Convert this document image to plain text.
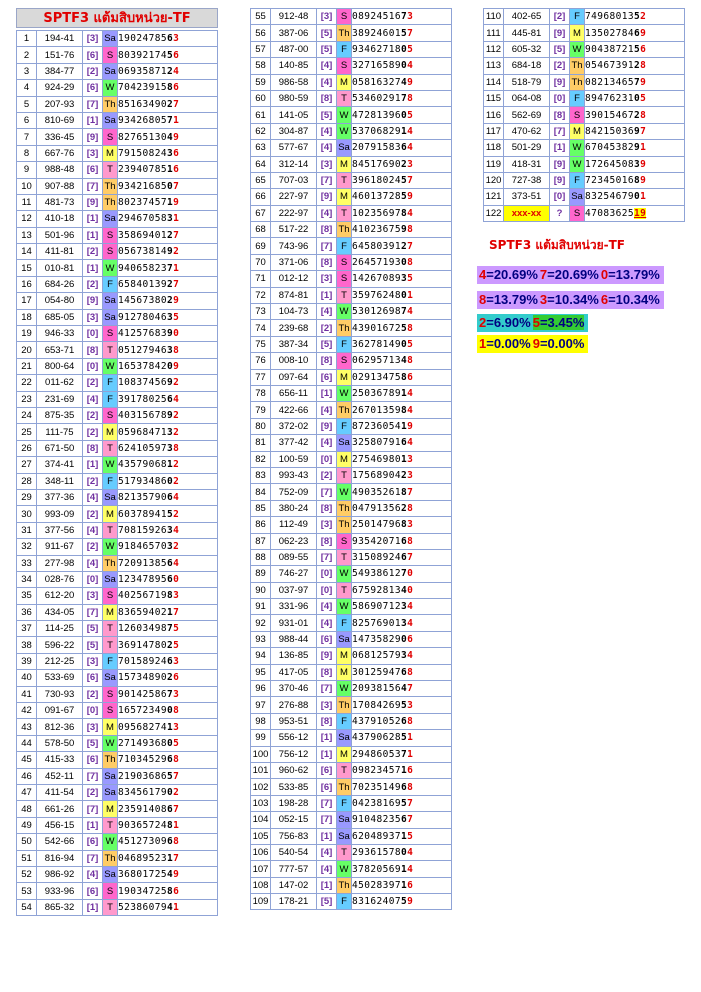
SPTF3 แต้มสิบหน่วย-TF
1	194-41	[3]	Sa	1902478563
2	151-76	[6]	S	8039217456
3	384-77	[2]	Sa	0693587124
4	924-29	[6]	W	7042391586
5	207-93	[7]	Th	8516349027
6	810-69	[1]	Sa	9342680571
7	336-45	[9]	S	8276513049
8	667-76	[3]	M	7915082436
9	988-48	[6]	T	2394078516
10	907-88	[7]	Th	9342168507
11	481-73	[9]	Th	8023745719
12	410-18	[1]	Sa	2946705831
13	501-96	[1]	S	3586940127
14	411-81	[2]	S	0567381492
15	010-81	[1]	W	9406582371
16	684-26	[2]	F	6584013927
17	054-80	[9]	Sa	1456738029
18	685-05	[3]	Sa	9127804635
19	946-33	[0]	S	4125768390
20	653-71	[8]	T	0512794638
21	800-64	[0]	W	1653784209
22	011-62	[2]	F	1083745692
23	231-69	[4]	F	3917802564
24	875-35	[2]	S	4031567892
25	111-75	[2]	M	0596847132
26	671-50	[8]	T	6241059738
27	374-41	[1]	W	4357906812
28	348-11	[2]	F	5179348602
29	377-36	[4]	Sa	8213579064
30	993-09	[2]	M	6037894152
31	377-56	[4]	T	7081592634
32	911-67	[2]	W	9184657032
33	277-98	[4]	Th	7209138564
34	028-76	[0]	Sa	1234789560
35	612-20	[3]	S	4025671983
36	434-05	[7]	M	8365940217
37	114-25	[5]	T	1260349875
38	596-22	[5]	T	3691478025
39	212-25	[3]	F	7015892463
40	533-69	[6]	Sa	1573489026
41	730-93	[2]	S	9014258673
42	091-67	[0]	S	1657234908
43	812-36	[3]	M	0956827413
44	578-50	[5]	W	2714936805
45	415-33	[6]	Th	7103452968
46	452-11	[7]	Sa	2190368657
47	411-54	[2]	Sa	8345617902
48	661-26	[7]	M	2359140867
49	456-15	[1]	T	9036572481
50	542-66	[6]	W	4512730968
51	816-94	[7]	Th	0468952317
52	986-92	[4]	Sa	3680172549
53	933-96	[6]	S	1903472586
54	865-32	[1]	T	5238607941
55	912-48	[3]	S	0892451673
56	387-06	[5]	Th	3892460157
57	487-00	[5]	F	9346271805
58	140-85	[4]	S	3271658904
59	986-58	[4]	M	0581632749
60	980-59	[8]	T	5346029178
61	141-05	[5]	W	4728139605
62	304-87	[4]	W	5370682914
63	577-67	[4]	Sa	2079158364
64	312-14	[3]	M	8451769023
65	707-03	[7]	T	3961802457
66	227-97	[9]	M	4601372859
67	222-97	[4]	T	1023569784
68	517-22	[8]	Th	4102367598
69	743-96	[7]	F	6458039127
70	371-06	[8]	S	2645719308
71	012-12	[3]	S	1426708935
72	874-81	[1]	T	3597624801
73	104-73	[4]	W	5301269874
74	239-68	[2]	Th	4390167258
75	387-34	[5]	F	3627814905
76	008-10	[8]	S	0629571348
77	097-64	[6]	M	0291347586
78	656-11	[1]	W	2503678914
79	422-66	[4]	Th	2670135984
80	372-02	[9]	F	8723605419
81	377-42	[4]	Sa	3258079164
82	100-59	[0]	M	2754698013
83	993-43	[2]	T	1756890423
84	752-09	[7]	W	4903526187
85	380-24	[8]	Th	0479135628
86	112-49	[3]	Th	2501479683
87	062-23	[8]	S	9354207168
88	089-55	[7]	T	3150892467
89	746-27	[0]	W	5493861270
90	037-97	[0]	T	6759281340
91	331-96	[4]	W	5869071234
92	931-01	[4]	F	8257690134
93	988-44	[6]	Sa	1473582906
94	136-85	[9]	M	0681257934
95	417-05	[8]	M	3012594768
96	370-46	[7]	W	2093815647
97	276-88	[3]	Th	1708426953
98	953-51	[8]	F	4379105268
99	556-12	[1]	Sa	4379062851
100	756-12	[1]	M	2948605371
101	960-62	[6]	T	0982345716
102	533-85	[6]	Th	7023514968
103	198-28	[7]	F	0423816957
104	052-15	[7]	Sa	9104823567
105	756-83	[1]	Sa	6204893715
106	540-54	[4]	T	2936157804
107	777-57	[4]	W	3782056914
108	147-02	[1]	Th	4502839716
109	178-21	[5]	F	8316240759
110	402-65	[2]	F	7496801352
111	445-81	[9]	M	1350278469
112	605-32	[5]	W	9043872156
113	684-18	[2]	Th	0546739128
114	518-79	[9]	Th	0821346579
115	064-08	[0]	F	8947623105
116	562-69	[8]	S	3901546728
117	470-62	[7]	M	8421503697
118	501-29	[1]	W	6704538291
119	418-31	[9]	W	1726450839
120	727-38	[9]	F	7234501689
121	373-51	[0]	Sa	8325467901
122	xxx-xx	?	S	4708362519
SPTF3 แต้มสิบหน่วย-TF
4=20.69% 7=20.69% 0=13.79%
8=13.79% 3=10.34% 6=10.34%
2=6.90% 5=3.45%
1=0.00% 9=0.00%
